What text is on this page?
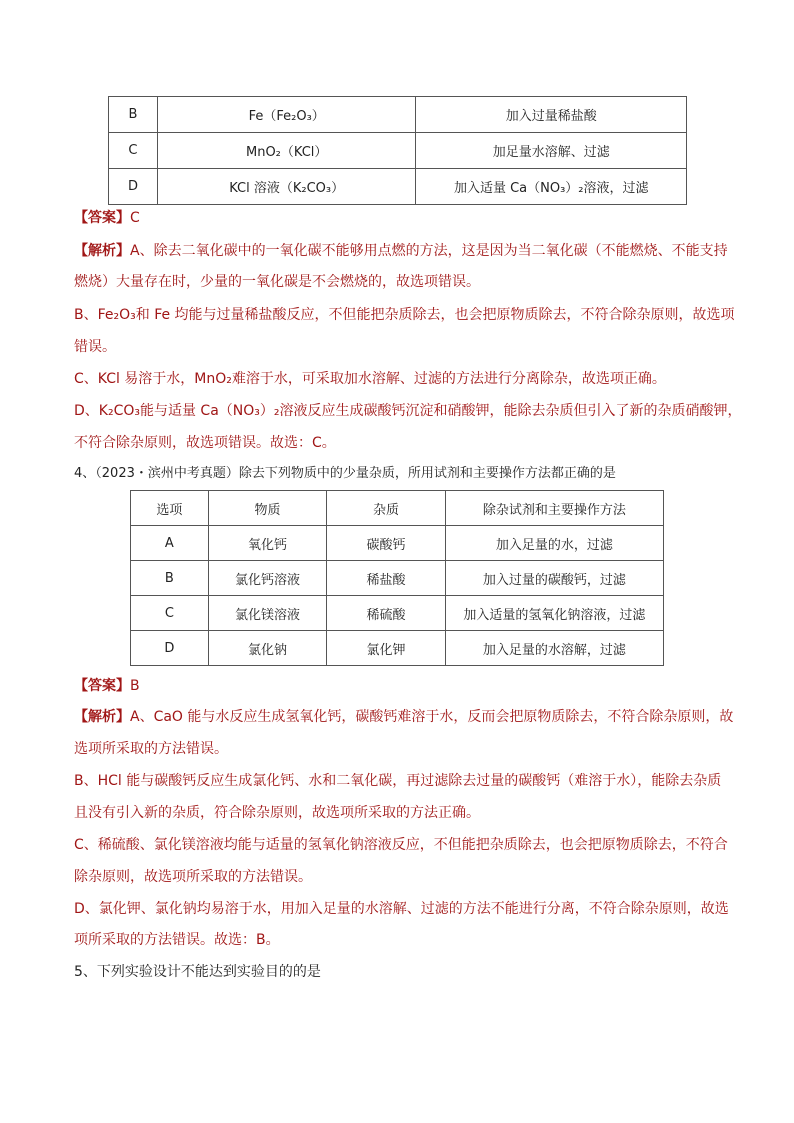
B	Fe（Fe₂O₃）	加入过量稀盐酸
C	MnO₂（KCl）	加足量水溶解、过滤
D	KCl 溶液（K₂CO₃）	加入适量 Ca（NO₃）₂溶液，过滤
【答案】C
【解析】A、除去二氧化碳中的一氧化碳不能够用点燃的方法，这是因为当二氧化碳（不能燃烧、不能支持
燃烧）大量存在时，少量的一氧化碳是不会燃烧的，故选项错误。
B、Fe₂O₃和 Fe 均能与过量稀盐酸反应，不但能把杂质除去，也会把原物质除去，不符合除杂原则，故选项
错误。
C、KCl 易溶于水，MnO₂难溶于水，可采取加水溶解、过滤的方法进行分离除杂，故选项正确。
D、K₂CO₃能与适量 Ca（NO₃）₂溶液反应生成碳酸钙沉淀和硝酸钾，能除去杂质但引入了新的杂质硝酸钾，
不符合除杂原则，故选项错误。故选：C。
4、（2023・滨州中考真题）除去下列物质中的少量杂质，所用试剂和主要操作方法都正确的是
选项	物质	杂质	除杂试剂和主要操作方法
A	氧化钙	碳酸钙	加入足量的水，过滤
B	氯化钙溶液	稀盐酸	加入过量的碳酸钙，过滤
C	氯化镁溶液	稀硫酸	加入适量的氢氧化钠溶液，过滤
D	氯化钠	氯化钾	加入足量的水溶解，过滤
【答案】B
【解析】A、CaO 能与水反应生成氢氧化钙，碳酸钙难溶于水，反而会把原物质除去，不符合除杂原则，故
选项所采取的方法错误。
B、HCl 能与碳酸钙反应生成氯化钙、水和二氧化碳，再过滤除去过量的碳酸钙（难溶于水），能除去杂质
且没有引入新的杂质，符合除杂原则，故选项所采取的方法正确。
C、稀硫酸、氯化镁溶液均能与适量的氢氧化钠溶液反应，不但能把杂质除去，也会把原物质除去，不符合
除杂原则，故选项所采取的方法错误。
D、氯化钾、氯化钠均易溶于水，用加入足量的水溶解、过滤的方法不能进行分离，不符合除杂原则，故选
项所采取的方法错误。故选：B。
5、下列实验设计不能达到实验目的的是
